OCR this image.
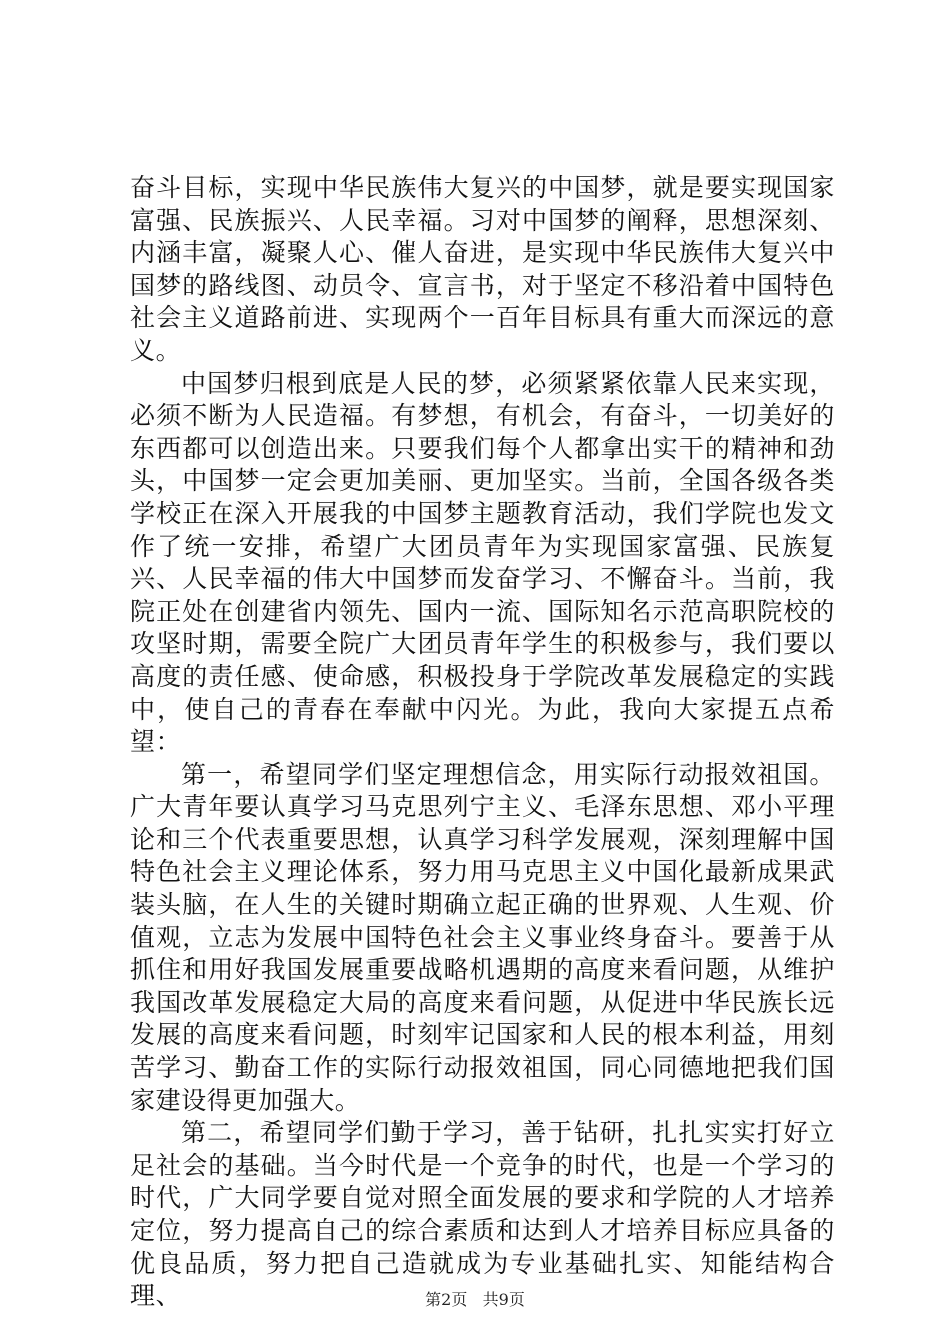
奋斗目标，实现中华民族伟大复兴的中国梦，就是要实现国家富强、民族振兴、人民幸福。习对中国梦的阐释，思想深刻、内涵丰富，凝聚人心、催人奋进，是实现中华民族伟大复兴中国梦的路线图、动员令、宣言书，对于坚定不移沿着中国特色社会主义道路前进、实现两个一百年目标具有重大而深远的意义。

中国梦归根到底是人民的梦，必须紧紧依靠人民来实现，必须不断为人民造福。有梦想，有机会，有奋斗，一切美好的东西都可以创造出来。只要我们每个人都拿出实干的精神和劲头，中国梦一定会更加美丽、更加坚实。当前，全国各级各类学校正在深入开展我的中国梦主题教育活动，我们学院也发文作了统一安排，希望广大团员青年为实现国家富强、民族复兴、人民幸福的伟大中国梦而发奋学习、不懈奋斗。当前，我院正处在创建省内领先、国内一流、国际知名示范高职院校的攻坚时期，需要全院广大团员青年学生的积极参与，我们要以高度的责任感、使命感，积极投身于学院改革发展稳定的实践中，使自己的青春在奉献中闪光。为此，我向大家提五点希望：

第一，希望同学们坚定理想信念，用实际行动报效祖国。广大青年要认真学习马克思列宁主义、毛泽东思想、邓小平理论和三个代表重要思想，认真学习科学发展观，深刻理解中国特色社会主义理论体系，努力用马克思主义中国化最新成果武装头脑，在人生的关键时期确立起正确的世界观、人生观、价值观，立志为发展中国特色社会主义事业终身奋斗。要善于从抓住和用好我国发展重要战略机遇期的高度来看问题，从维护我国改革发展稳定大局的高度来看问题，从促进中华民族长远发展的高度来看问题，时刻牢记国家和人民的根本利益，用刻苦学习、勤奋工作的实际行动报效祖国，同心同德地把我们国家建设得更加强大。

第二，希望同学们勤于学习，善于钻研，扎扎实实打好立足社会的基础。当今时代是一个竞争的时代，也是一个学习的时代，广大同学要自觉对照全面发展的要求和学院的人才培养定位，努力提高自己的综合素质和达到人才培养目标应具备的优良品质，努力把自己造就成为专业基础扎实、知能结构合理、	第2页 共9页
